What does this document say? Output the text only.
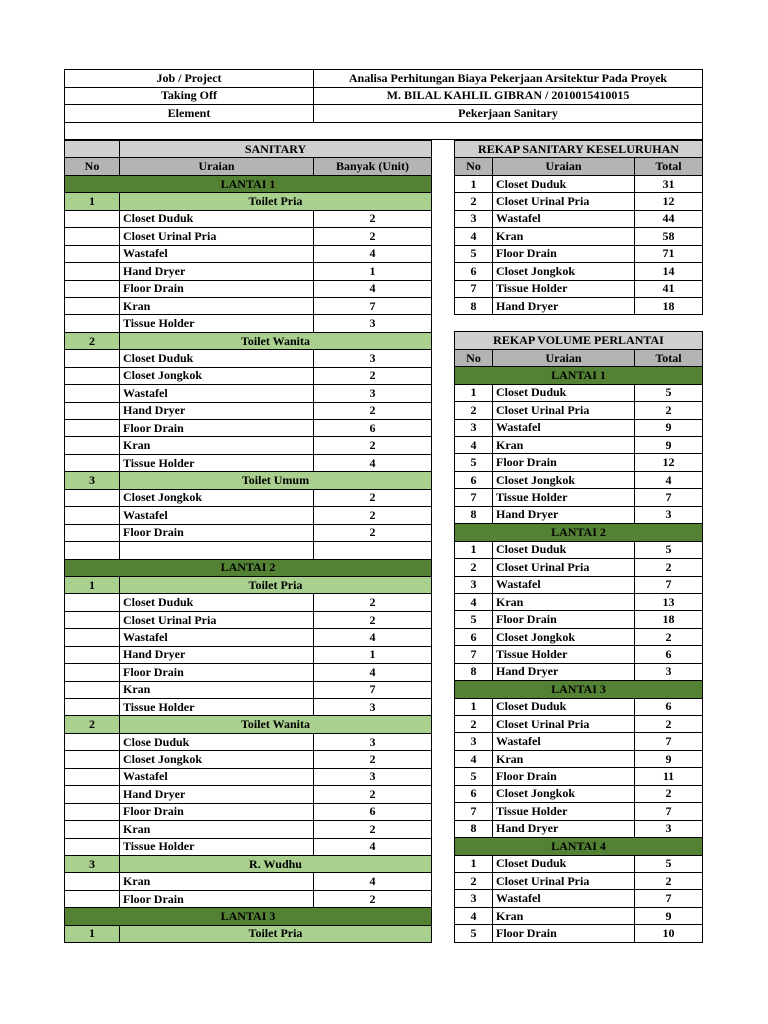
Job / Project	Analisa Perhitungan Biaya Pekerjaan Arsitektur Pada Proyek
Taking Off	M. BILAL KAHLIL GIBRAN / 2010015410015
Element	Pekerjaan Sanitary

	SANITARY	
No	Uraian	Banyak (Unit)
LANTAI 1		
1	Toilet Pria	
	Closet Duduk	2
	Closet Urinal Pria	2
	Wastafel	4
	Hand Dryer	1
	Floor Drain	4
	Kran	7
	Tissue Holder	3
2	Toilet Wanita	
	Closet Duduk	3
	Closet Jongkok	2
	Wastafel	3
	Hand Dryer	2
	Floor Drain	6
	Kran	2
	Tissue Holder	4
3	Toilet Umum	
	Closet Jongkok	2
	Wastafel	2
	Floor Drain	2

LANTAI 2		
1	Toilet Pria	
	Closet Duduk	2
	Closet Urinal Pria	2
	Wastafel	4
	Hand Dryer	1
	Floor Drain	4
	Kran	7
	Tissue Holder	3
2	Toilet Wanita	
	Close Duduk	3
	Closet Jongkok	2
	Wastafel	3
	Hand Dryer	2
	Floor Drain	6
	Kran	2
	Tissue Holder	4
3	R. Wudhu	
	Kran	4
	Floor Drain	2
LANTAI 3		
1	Toilet Pria	
REKAP SANITARY KESELURUHAN		
No	Uraian	Total
1	Closet Duduk	31
2	Closet Urinal Pria	12
3	Wastafel	44
4	Kran	58
5	Floor Drain	71
6	Closet Jongkok	14
7	Tissue Holder	41
8	Hand Dryer	18

REKAP VOLUME PERLANTAI		
No	Uraian	Total
LANTAI 1		
1	Closet Duduk	5
2	Closet Urinal Pria	2
3	Wastafel	9
4	Kran	9
5	Floor Drain	12
6	Closet Jongkok	4
7	Tissue Holder	7
8	Hand Dryer	3
LANTAI 2		
1	Closet Duduk	5
2	Closet Urinal Pria	2
3	Wastafel	7
4	Kran	13
5	Floor Drain	18
6	Closet Jongkok	2
7	Tissue Holder	6
8	Hand Dryer	3
LANTAI 3		
1	Closet Duduk	6
2	Closet Urinal Pria	2
3	Wastafel	7
4	Kran	9
5	Floor Drain	11
6	Closet Jongkok	2
7	Tissue Holder	7
8	Hand Dryer	3
LANTAI 4		
1	Closet Duduk	5
2	Closet Urinal Pria	2
3	Wastafel	7
4	Kran	9
5	Floor Drain	10
